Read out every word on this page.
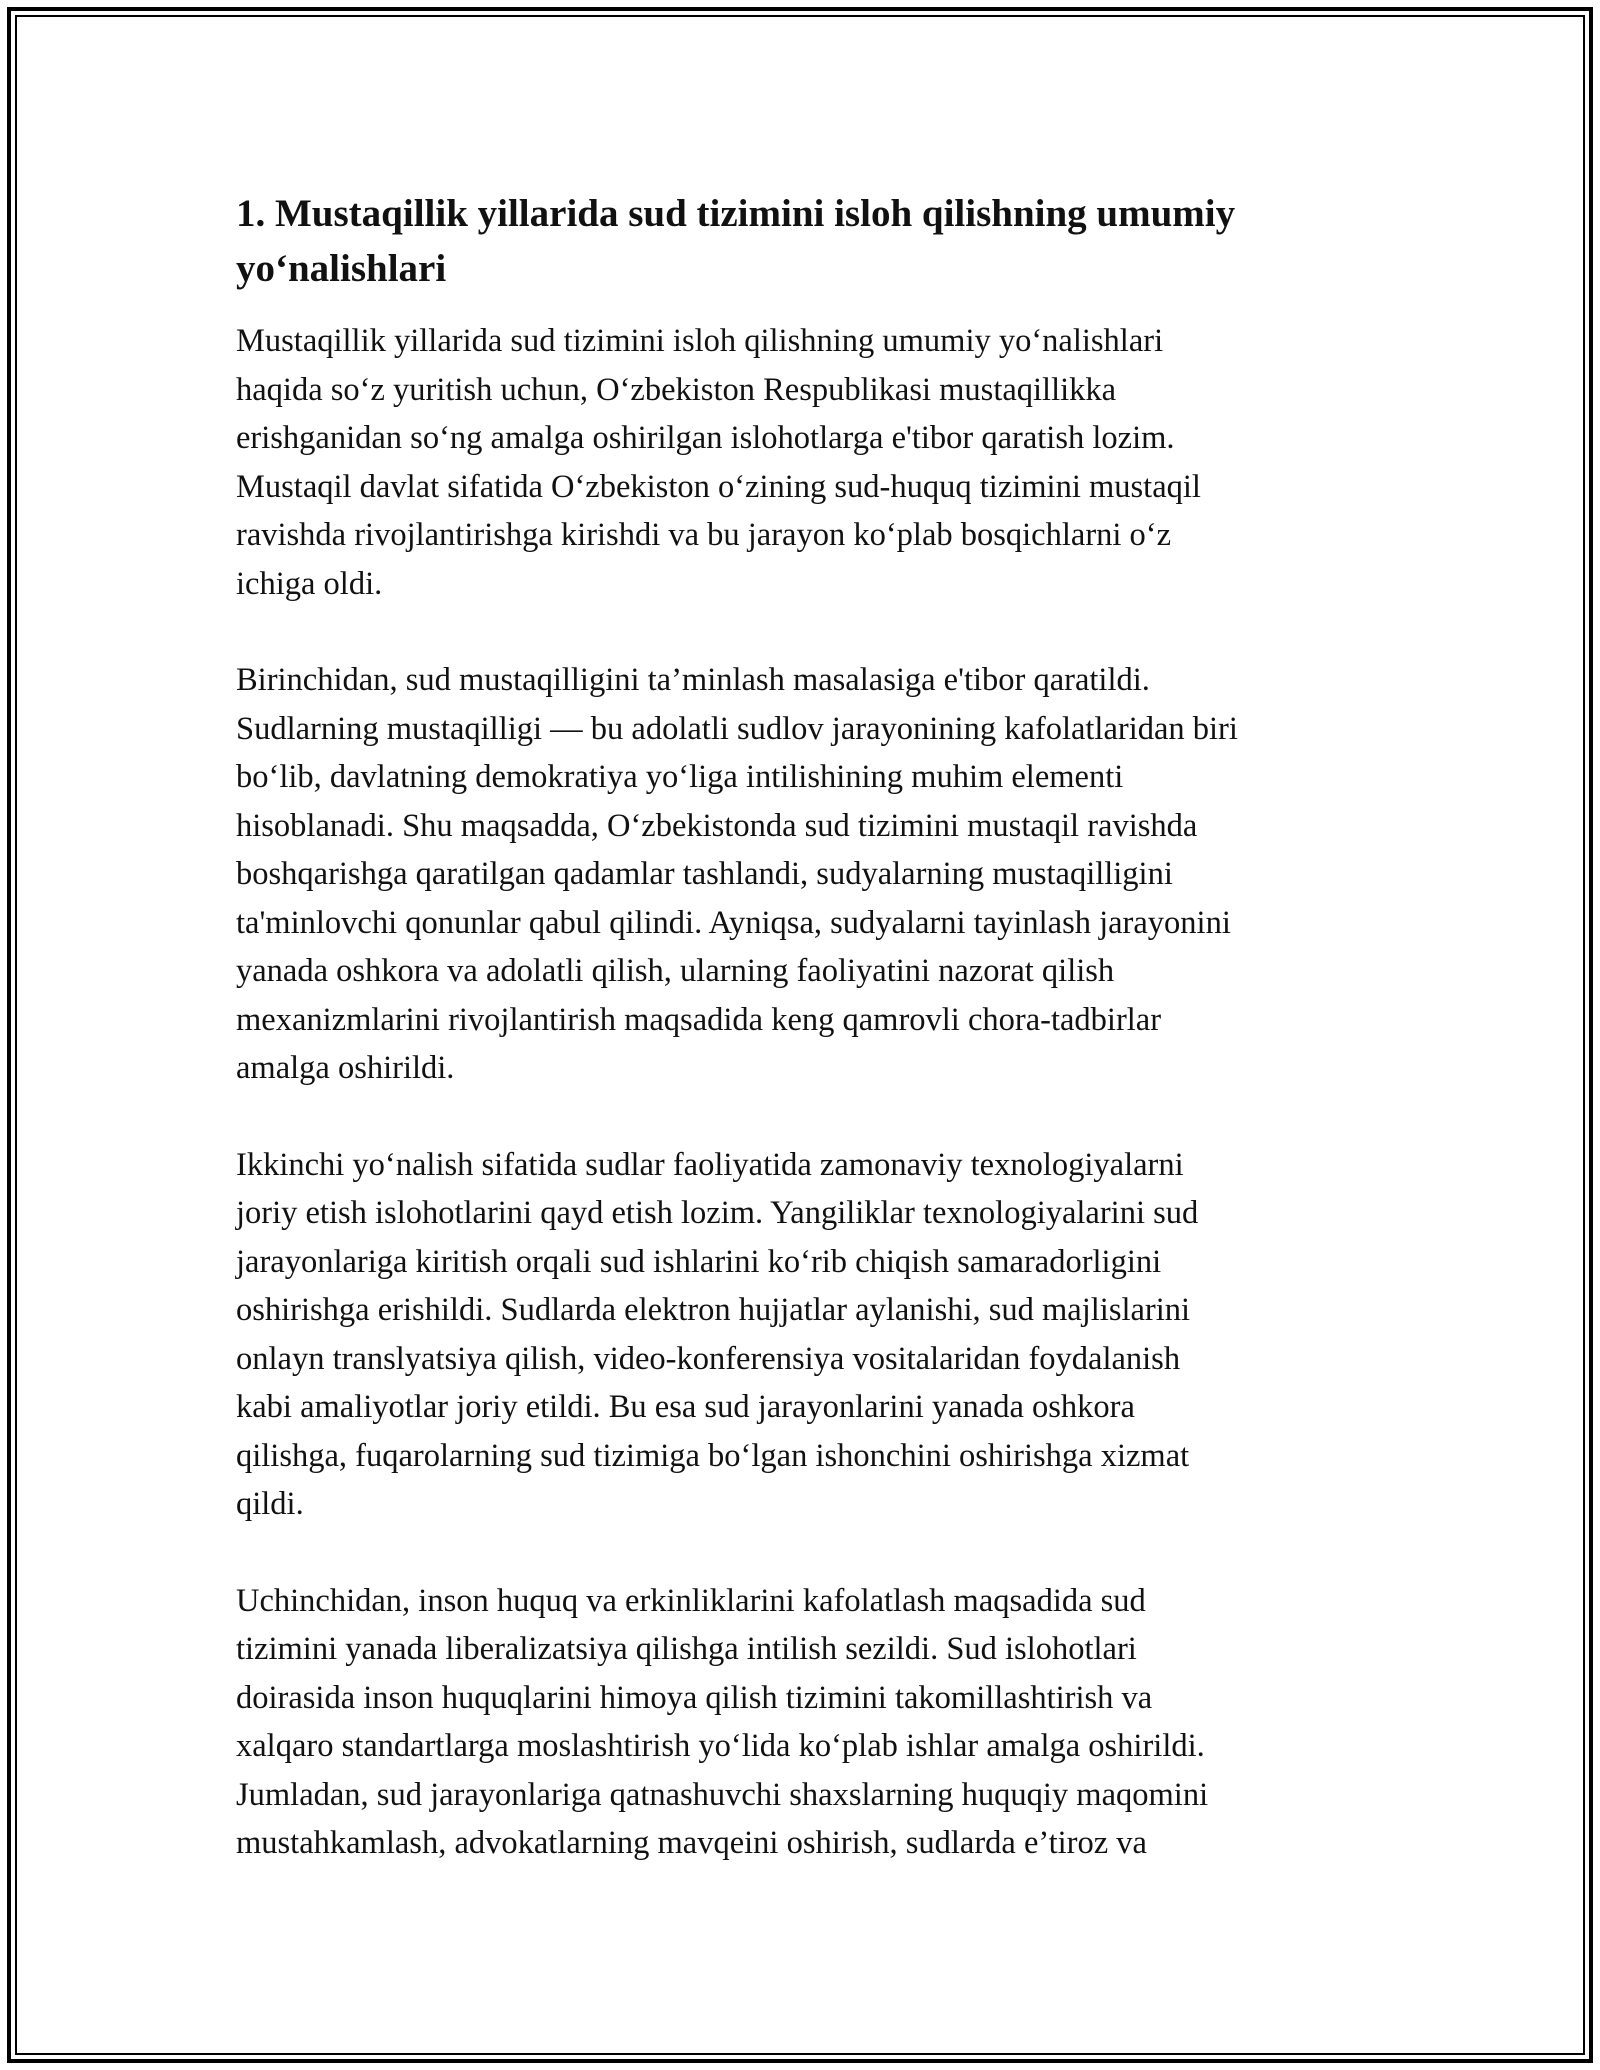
1. Mustaqillik yillarida sud tizimini isloh qilishning umumiy
yo‘nalishlari

Mustaqillik yillarida sud tizimini isloh qilishning umumiy yo‘nalishlari
haqida so‘z yuritish uchun, O‘zbekiston Respublikasi mustaqillikka
erishganidan so‘ng amalga oshirilgan islohotlarga e'tibor qaratish lozim.
Mustaqil davlat sifatida O‘zbekiston o‘zining sud-huquq tizimini mustaqil
ravishda rivojlantirishga kirishdi va bu jarayon ko‘plab bosqichlarni o‘z
ichiga oldi.

Birinchidan, sud mustaqilligini ta’minlash masalasiga e'tibor qaratildi.
Sudlarning mustaqilligi — bu adolatli sudlov jarayonining kafolatlaridan biri
bo‘lib, davlatning demokratiya yo‘liga intilishining muhim elementi
hisoblanadi. Shu maqsadda, O‘zbekistonda sud tizimini mustaqil ravishda
boshqarishga qaratilgan qadamlar tashlandi, sudyalarning mustaqilligini
ta'minlovchi qonunlar qabul qilindi. Ayniqsa, sudyalarni tayinlash jarayonini
yanada oshkora va adolatli qilish, ularning faoliyatini nazorat qilish
mexanizmlarini rivojlantirish maqsadida keng qamrovli chora-tadbirlar
amalga oshirildi.

Ikkinchi yo‘nalish sifatida sudlar faoliyatida zamonaviy texnologiyalarni
joriy etish islohotlarini qayd etish lozim. Yangiliklar texnologiyalarini sud
jarayonlariga kiritish orqali sud ishlarini ko‘rib chiqish samaradorligini
oshirishga erishildi. Sudlarda elektron hujjatlar aylanishi, sud majlislarini
onlayn translyatsiya qilish, video-konferensiya vositalaridan foydalanish
kabi amaliyotlar joriy etildi. Bu esa sud jarayonlarini yanada oshkora
qilishga, fuqarolarning sud tizimiga bo‘lgan ishonchini oshirishga xizmat
qildi.

Uchinchidan, inson huquq va erkinliklarini kafolatlash maqsadida sud
tizimini yanada liberalizatsiya qilishga intilish sezildi. Sud islohotlari
doirasida inson huquqlarini himoya qilish tizimini takomillashtirish va
xalqaro standartlarga moslashtirish yo‘lida ko‘plab ishlar amalga oshirildi.
Jumladan, sud jarayonlariga qatnashuvchi shaxslarning huquqiy maqomini
mustahkamlash, advokatlarning mavqeini oshirish, sudlarda e’tiroz va
